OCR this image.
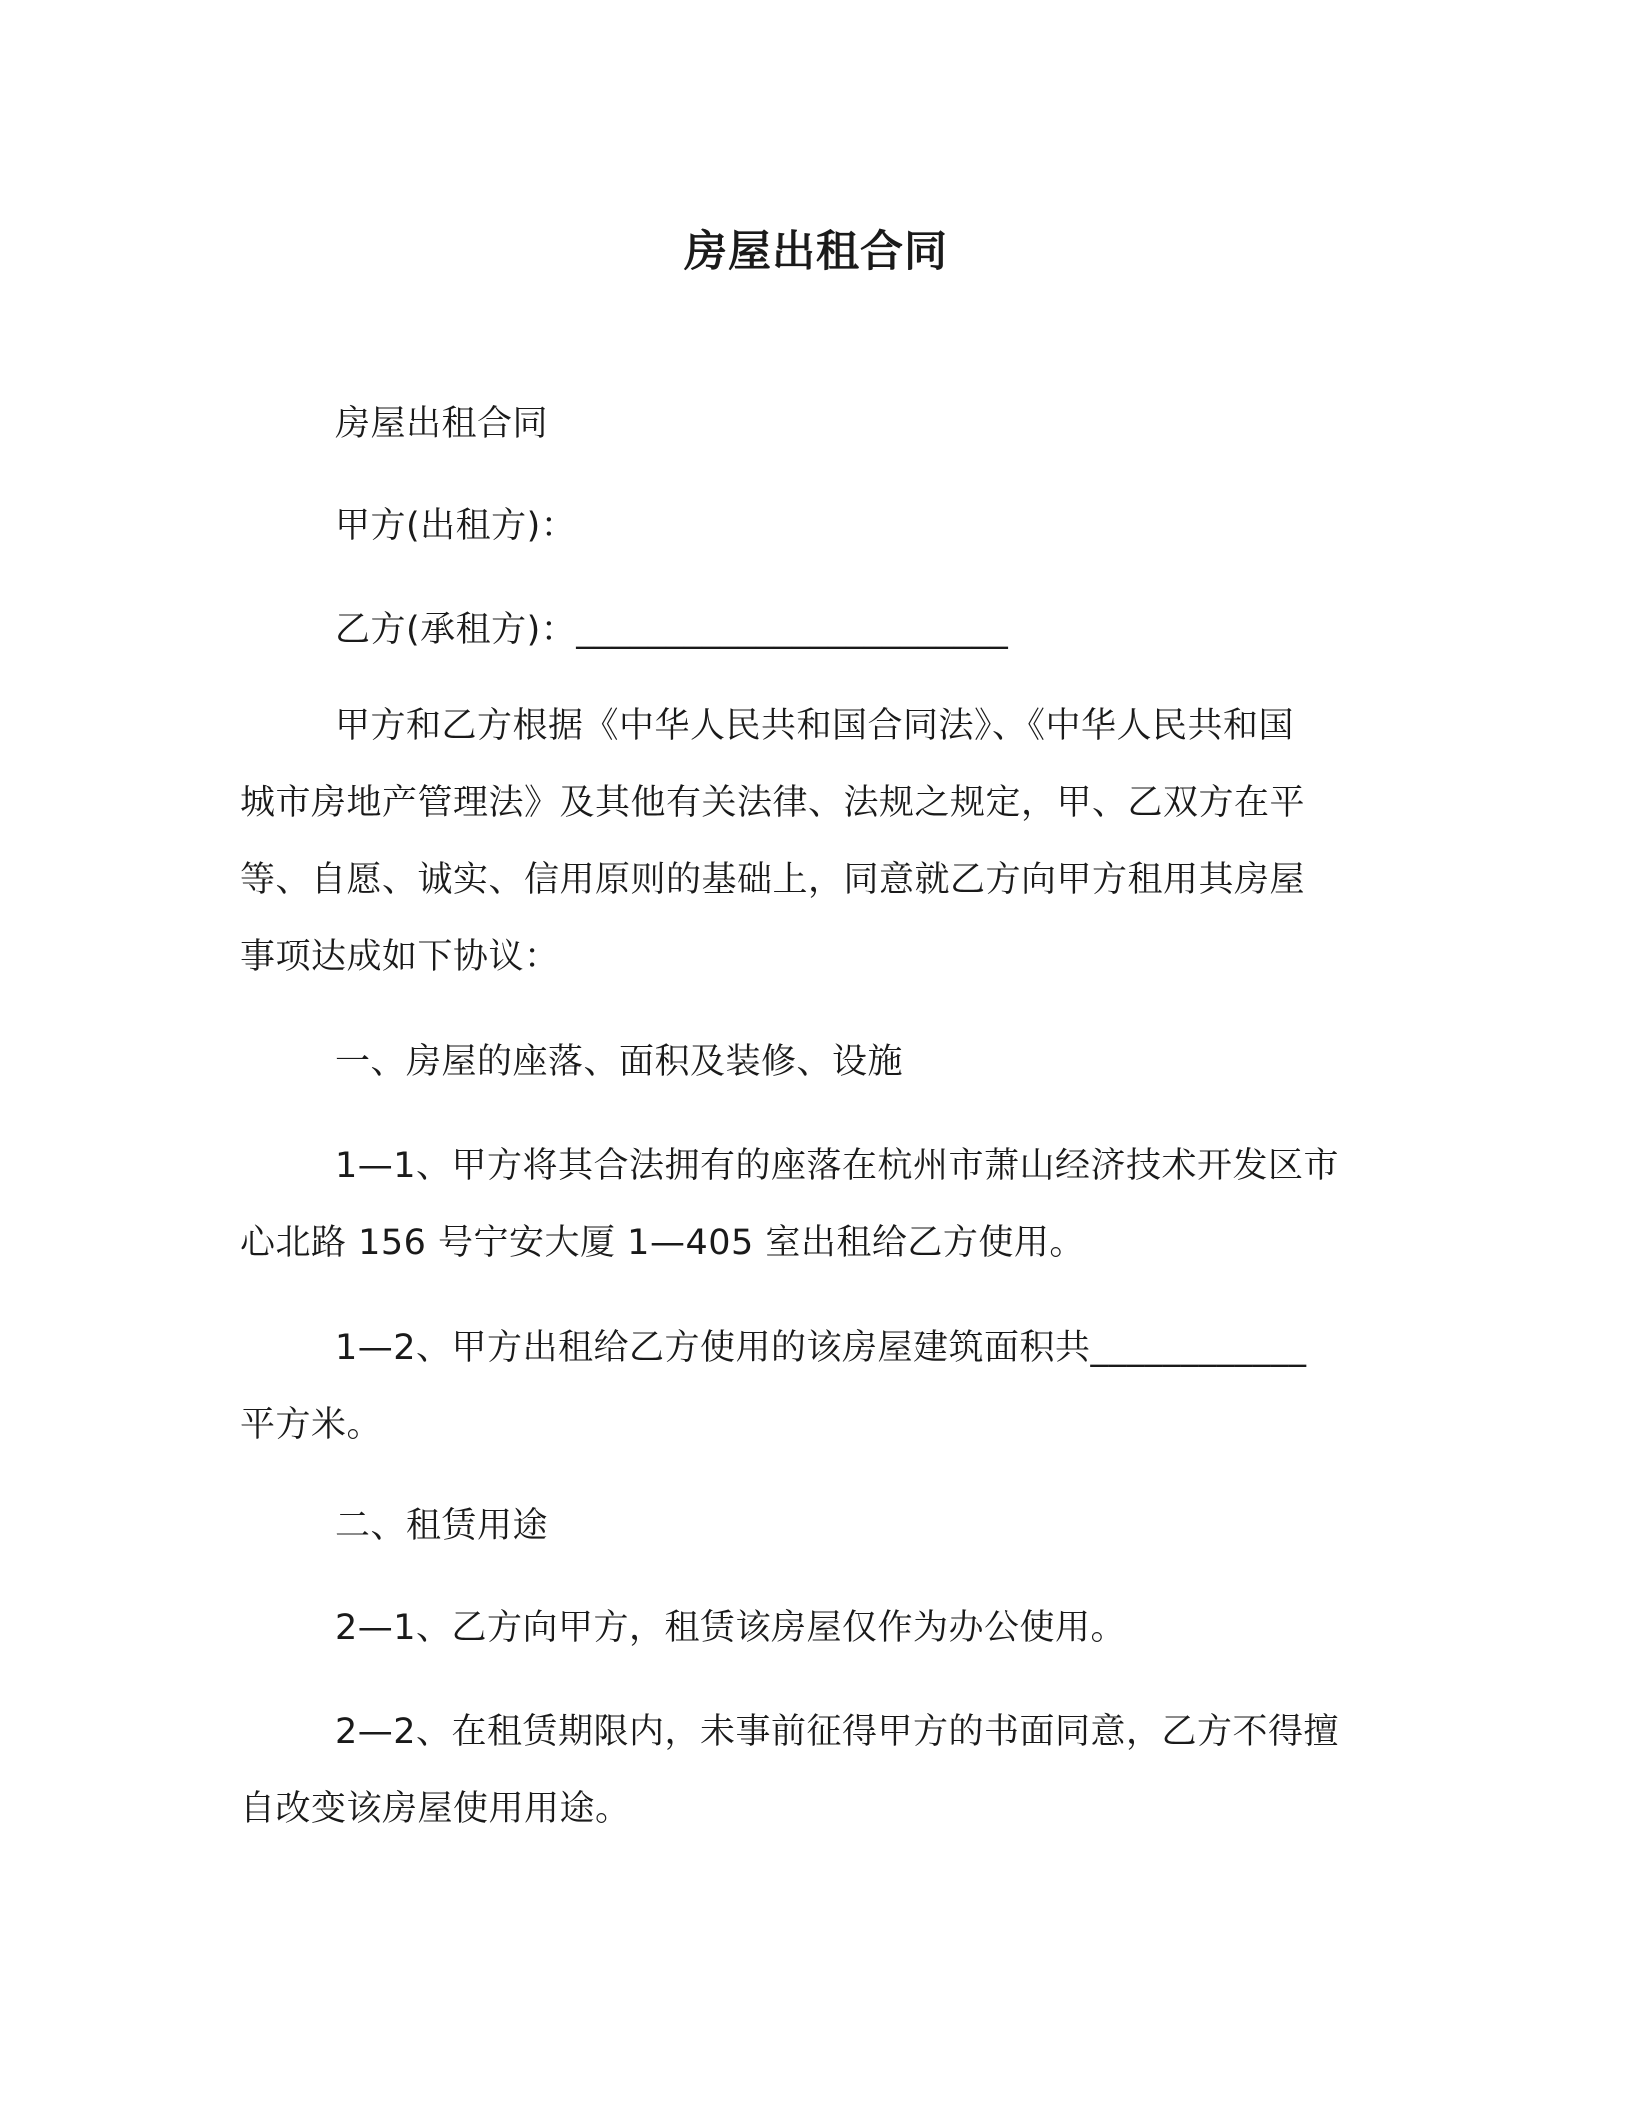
房屋出租合同
房屋出租合同
甲方(出租方)：
乙方(承租方)：________________________
甲方和乙方根据《中华人民共和国合同法》、《中华人民共和国
城市房地产管理法》及其他有关法律、法规之规定，甲、乙双方在平
等、自愿、诚实、信用原则的基础上，同意就乙方向甲方租用其房屋
事项达成如下协议：
一、房屋的座落、面积及装修、设施
1—1、甲方将其合法拥有的座落在杭州市萧山经济技术开发区市
心北路 156 号宁安大厦 1—405 室出租给乙方使用。
1—2、甲方出租给乙方使用的该房屋建筑面积共____________
平方米。
二、租赁用途
2—1、乙方向甲方，租赁该房屋仅作为办公使用。
2—2、在租赁期限内，未事前征得甲方的书面同意，乙方不得擅
自改变该房屋使用用途。
